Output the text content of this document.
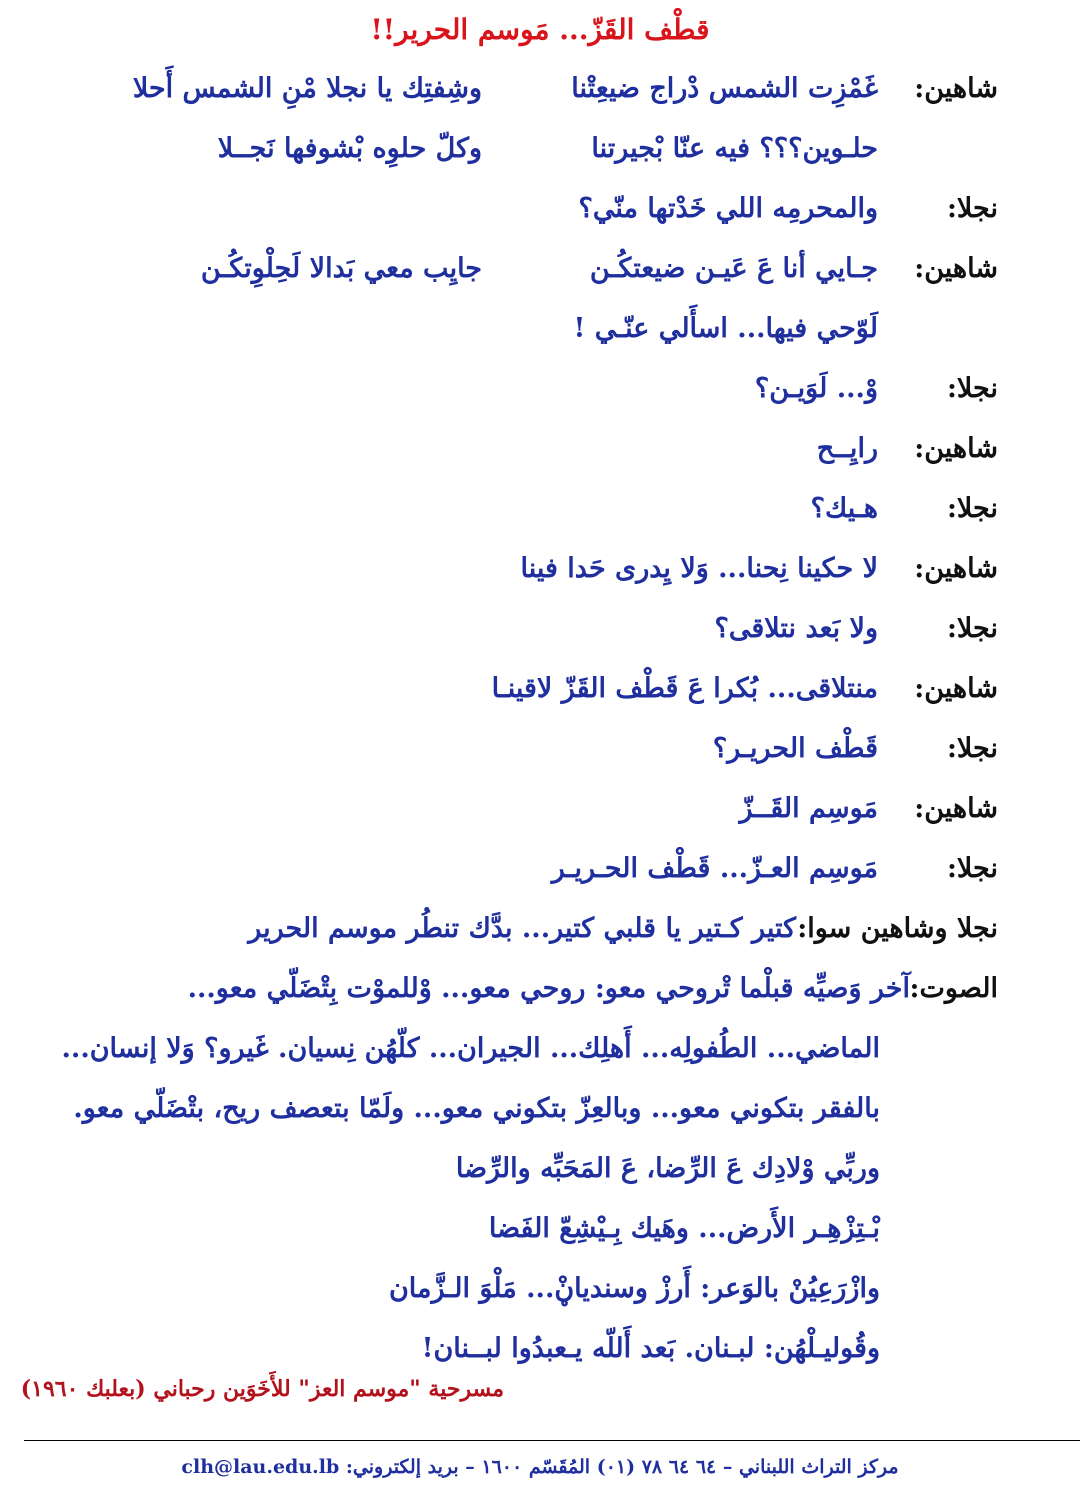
قطْف القَزّ... مَوسم الحرير!!
شاهين:
غَمْزِت الشمس دْراج ضيعِتْنا
وشِفتِك يا نجلا مْنِ الشمس أَحلا
حلـوين؟؟؟ فيه عنّا بْجيرتنا
وكلّ حلوِه بْشوفها نَجــلا
نجلا:
والمحرمِه اللي خَدْتها منّي؟
شاهين:
جـايي أنا عَ عَيـن ضيعتكُـن
جايِب معي بَدالا لَحِلْوِتكُـن
لَوّحي فيها... اسأَلي عنّـي !
نجلا:
وْ... لَوَيـن؟
شاهين:
رايِــح
نجلا:
هـيك؟
شاهين:
لا حكينا نِحنا... وَلا يِدرى حَدا فينا
نجلا:
ولا بَعد نتلاقى؟
شاهين:
منتلاقى... بُكرا عَ قَطْف القَزّ لاقينـا
نجلا:
قَطْف الحريـر؟
شاهين:
مَوسِم القَــزّ
نجلا:
مَوسِم العـزّ... قَطْف الحـريـر
نجلا وشاهين سوا:
كتير كـتير يا قلبي كتير... بدَّك تنطُر موسم الحرير
الصوت:
آخر وَصيِّه قبلْما تْروحي معو: روحي معو... وْللموْت بِتْضَلّي معو...
الماضي... الطُفولِه... أَهلِك... الجيران... كلّهُن نِسيان. غَيرو؟ وَلا إنسان...
بالفقر بتكوني معو... وبالعِزّ بتكوني معو... ولَمّا بتعصف ريح، بتْضَلّي معو.
وربِّي وْلادِك عَ الرِّضا، عَ المَحَبِّه والرِّضا
بْـتِزْهِـر الأَرض... وهَيك بِـيْشِعّ الفَضا
وازْرَعِيُنْ بالوَعر: أَرزْ وسندياڼْ... مَلْوَ الـزَّمان
وقُوليـلْهُن: لبـنان. بَعد أَللّه يـعبدُوا لبــنان!
مسرحية "موسم العز" للأَخَوَين رحباني (بعلبك ١٩٦٠)
مركز التراث اللبناني – ٦٤ ٦٤ ٧٨ (٠١) المُقَسّم ١٦٠٠ – بريد إلكتروني: clh@lau.edu.lb
